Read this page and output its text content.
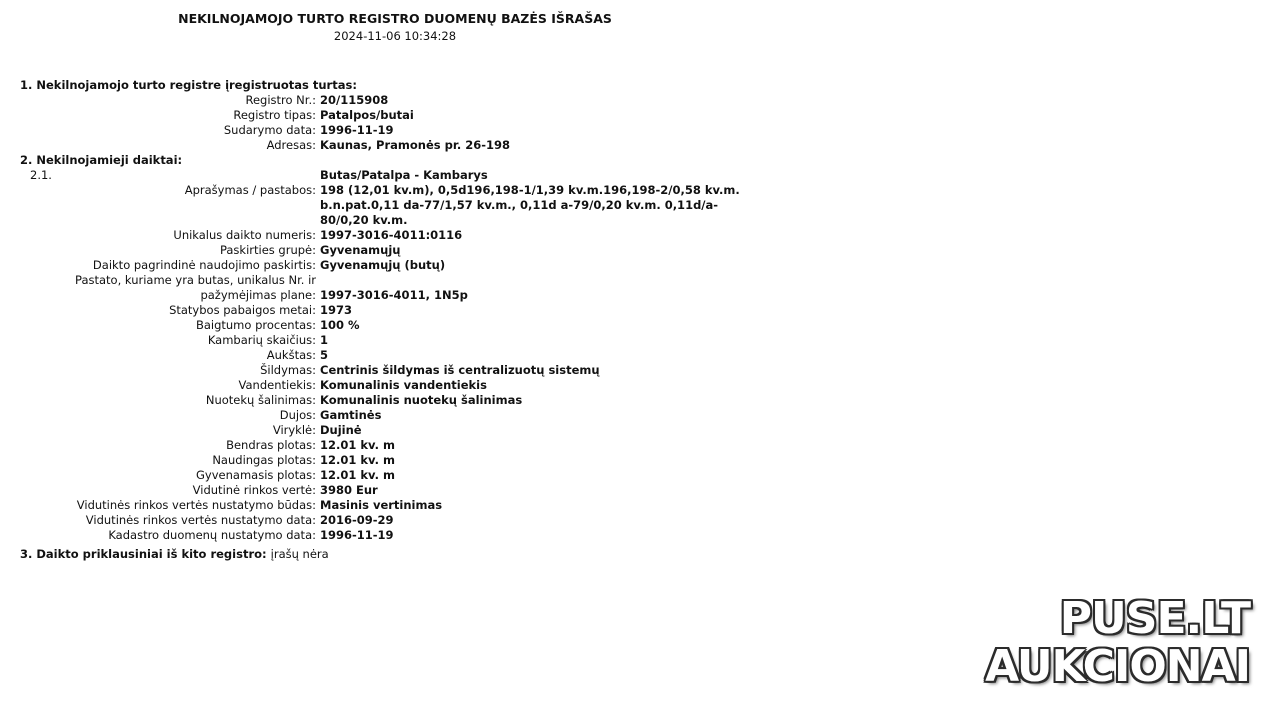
NEKILNOJAMOJO TURTO REGISTRO DUOMENŲ BAZĖS IŠRAŠAS
2024-11-06 10:34:28
1. Nekilnojamojo turto registre įregistruotas turtas:
Registro Nr.: 20/115908
Registro tipas: Patalpos/butai
Sudarymo data: 1996-11-19
Adresas: Kaunas, Pramonės pr. 26-198
2. Nekilnojamieji daiktai:
2.1.	Butas/Patalpa - Kambarys
Aprašymas / pastabos: 198 (12,01 kv.m), 0,5d196,198-1/1,39 kv.m.196,198-2/0,58 kv.m. b.n.pat.0,11 da-77/1,57 kv.m., 0,11d a-79/0,20 kv.m. 0,11d/a-80/0,20 kv.m.
Unikalus daikto numeris: 1997-3016-4011:0116
Paskirties grupė: Gyvenamųjų
Daikto pagrindinė naudojimo paskirtis: Gyvenamųjų (butų)
Pastato, kuriame yra butas, unikalus Nr. ir pažymėjimas plane: 1997-3016-4011, 1N5p
Statybos pabaigos metai: 1973
Baigtumo procentas: 100 %
Kambarių skaičius: 1
Aukštas: 5
Šildymas: Centrinis šildymas iš centralizuotų sistemų
Vandentiekis: Komunalinis vandentiekis
Nuotekų šalinimas: Komunalinis nuotekų šalinimas
Dujos: Gamtinės
Viryklė: Dujinė
Bendras plotas: 12.01 kv. m
Naudingas plotas: 12.01 kv. m
Gyvenamasis plotas: 12.01 kv. m
Vidutinė rinkos vertė: 3980 Eur
Vidutinės rinkos vertės nustatymo būdas: Masinis vertinimas
Vidutinės rinkos vertės nustatymo data: 2016-09-29
Kadastro duomenų nustatymo data: 1996-11-19
3. Daikto priklausiniai iš kito registro: įrašų nėra
PUSE.LT
AUKCIONAI
